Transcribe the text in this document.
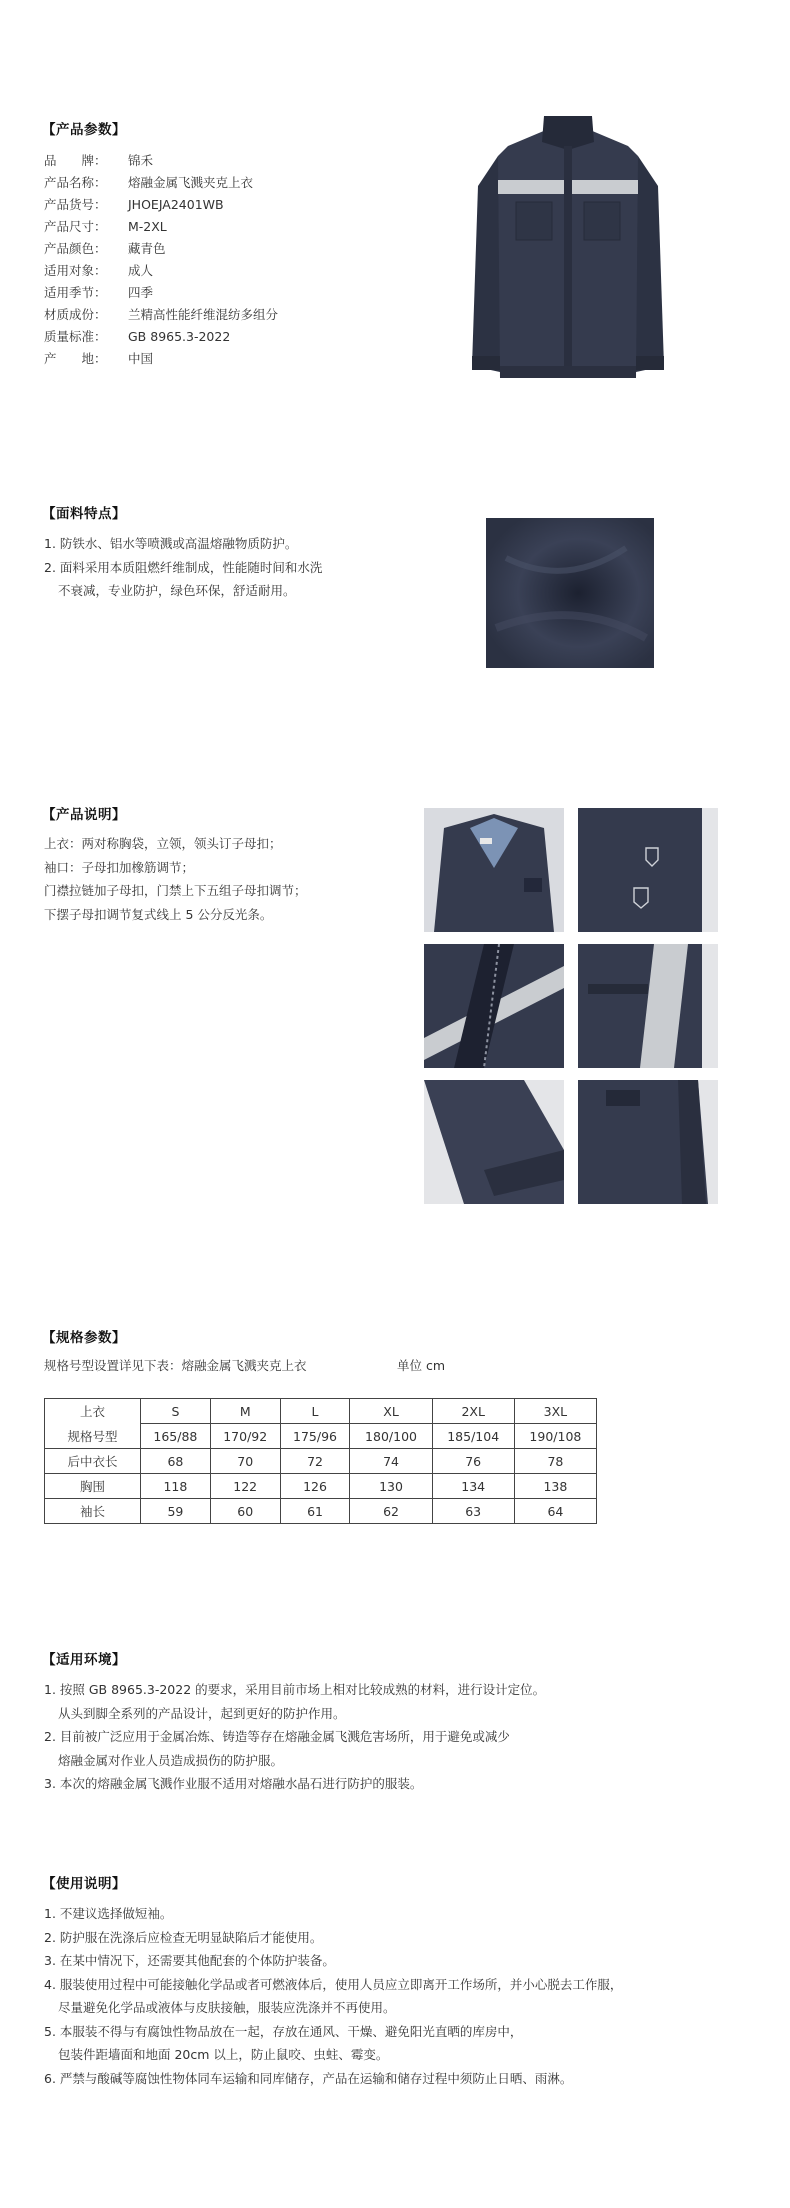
【产品参数】
品　　牌： 锦禾
产品名称： 熔融金属飞溅夹克上衣
产品货号： JHOEJA2401WB
产品尺寸： M-2XL
产品颜色： 藏青色
适用对象： 成人
适用季节： 四季
材质成份： 兰精高性能纤维混纺多组分
质量标准： GB 8965.3-2022
产　　地： 中国
【面料特点】
1. 防铁水、铝水等喷溅或高温熔融物质防护。
2. 面料采用本质阻燃纤维制成，性能随时间和水洗
不衰减，专业防护，绿色环保，舒适耐用。
【产品说明】
上衣：两对称胸袋，立领，领头订子母扣；
袖口：子母扣加橡筋调节；
门襟拉链加子母扣，门禁上下五组子母扣调节；
下摆子母扣调节复式线上 5 公分反光条。
【规格参数】
规格号型设置详见下表：熔融金属飞溅夹克上衣	单位 cm
上衣	S	M	L	XL	2XL	3XL
规格号型	165/88	170/92	175/96	180/100	185/104	190/108
后中衣长	68	70	72	74	76	78
胸围	118	122	126	130	134	138
袖长	59	60	61	62	63	64
【适用环境】
1. 按照 GB 8965.3-2022 的要求，采用目前市场上相对比较成熟的材料，进行设计定位。
从头到脚全系列的产品设计，起到更好的防护作用。
2. 目前被广泛应用于金属冶炼、铸造等存在熔融金属飞溅危害场所，用于避免或减少
熔融金属对作业人员造成损伤的防护服。
3. 本次的熔融金属飞溅作业服不适用对熔融水晶石进行防护的服装。
【使用说明】
1. 不建议选择做短袖。
2. 防护服在洗涤后应检查无明显缺陷后才能使用。
3. 在某中情况下，还需要其他配套的个体防护装备。
4. 服装使用过程中可能接触化学品或者可燃液体后，使用人员应立即离开工作场所，并小心脱去工作服，
尽量避免化学品或液体与皮肤接触，服装应洗涤并不再使用。
5. 本服装不得与有腐蚀性物品放在一起，存放在通风、干燥、避免阳光直晒的库房中，
包装件距墙面和地面 20cm 以上，防止鼠咬、虫蛀、霉变。
6. 严禁与酸碱等腐蚀性物体同车运输和同库储存，产品在运输和储存过程中须防止日晒、雨淋。
